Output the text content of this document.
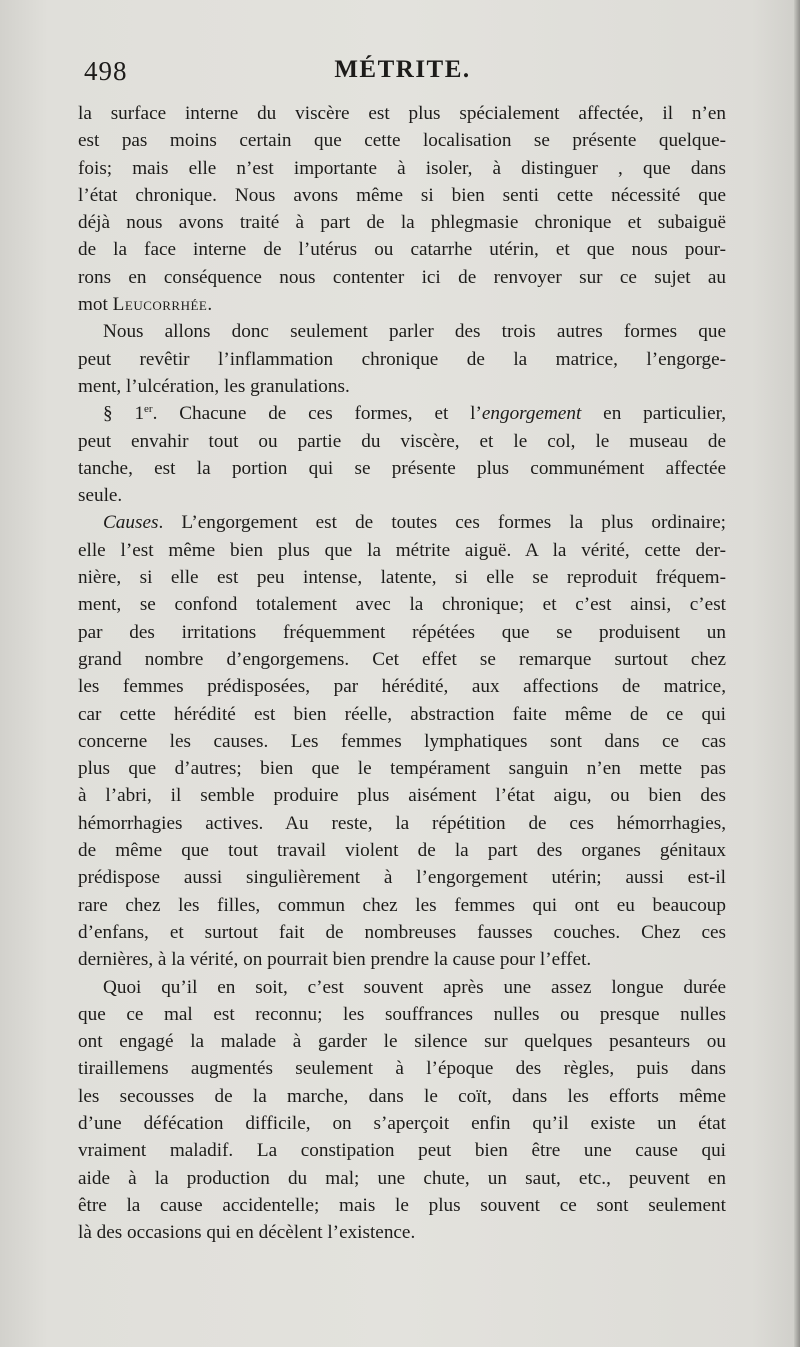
498	MÉTRITE.
la surface interne du viscère est plus spécialement affectée, il n’en
est pas moins certain que cette localisation se présente quelque-
fois; mais elle n’est importante à isoler, à distinguer , que dans
l’état chronique. Nous avons même si bien senti cette nécessité que
déjà nous avons traité à part de la phlegmasie chronique et subaiguë
de la face interne de l’utérus ou catarrhe utérin, et que nous pour-
rons en conséquence nous contenter ici de renvoyer sur ce sujet au
mot Leucorrhée.
Nous allons donc seulement parler des trois autres formes que
peut revêtir l’inflammation chronique de la matrice, l’engorge-
ment, l’ulcération, les granulations.
§ 1er. Chacune de ces formes, et l’engorgement en particulier,
peut envahir tout ou partie du viscère, et le col, le museau de
tanche, est la portion qui se présente plus communément affectée
seule.
Causes. L’engorgement est de toutes ces formes la plus ordinaire;
elle l’est même bien plus que la métrite aiguë. A la vérité, cette der-
nière, si elle est peu intense, latente, si elle se reproduit fréquem-
ment, se confond totalement avec la chronique; et c’est ainsi, c’est
par des irritations fréquemment répétées que se produisent un
grand nombre d’engorgemens. Cet effet se remarque surtout chez
les femmes prédisposées, par hérédité, aux affections de matrice,
car cette hérédité est bien réelle, abstraction faite même de ce qui
concerne les causes. Les femmes lymphatiques sont dans ce cas
plus que d’autres; bien que le tempérament sanguin n’en mette pas
à l’abri, il semble produire plus aisément l’état aigu, ou bien des
hémorrhagies actives. Au reste, la répétition de ces hémorrhagies,
de même que tout travail violent de la part des organes génitaux
prédispose aussi singulièrement à l’engorgement utérin; aussi est-il
rare chez les filles, commun chez les femmes qui ont eu beaucoup
d’enfans, et surtout fait de nombreuses fausses couches. Chez ces
dernières, à la vérité, on pourrait bien prendre la cause pour l’effet.
Quoi qu’il en soit, c’est souvent après une assez longue durée
que ce mal est reconnu; les souffrances nulles ou presque nulles
ont engagé la malade à garder le silence sur quelques pesanteurs ou
tiraillemens augmentés seulement à l’époque des règles, puis dans
les secousses de la marche, dans le coït, dans les efforts même
d’une défécation difficile, on s’aperçoit enfin qu’il existe un état
vraiment maladif. La constipation peut bien être une cause qui
aide à la production du mal; une chute, un saut, etc., peuvent en
être la cause accidentelle; mais le plus souvent ce sont seulement
là des occasions qui en décèlent l’existence.
